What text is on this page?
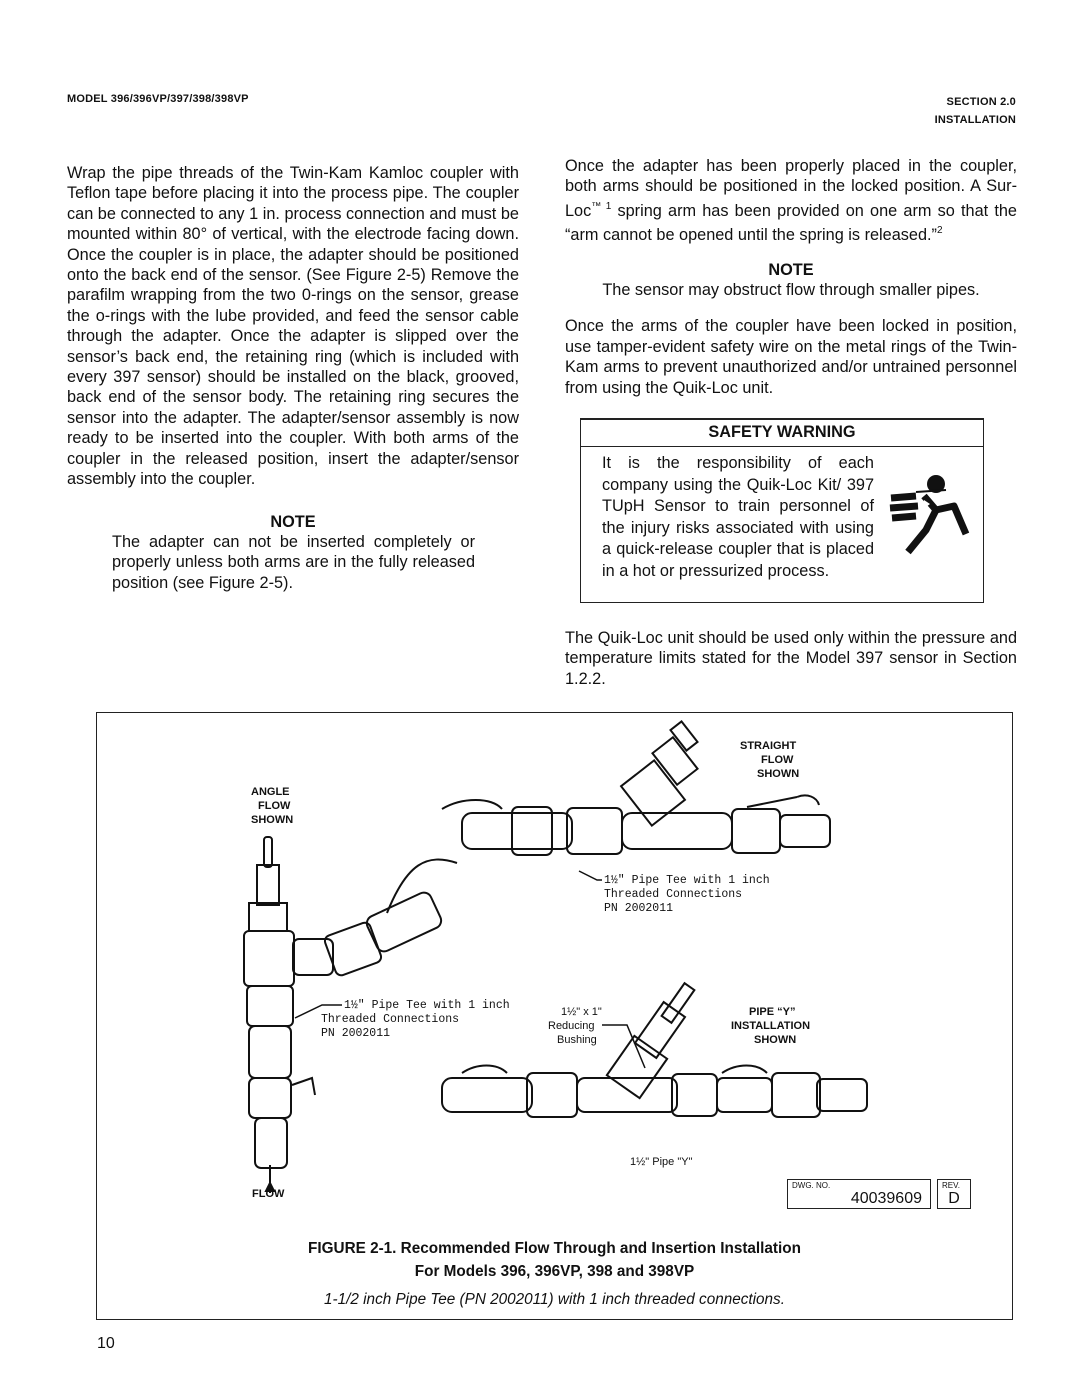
MODEL 396/396VP/397/398/398VP	SECTION 2.0
INSTALLATION

Wrap the pipe threads of the Twin-Kam Kamloc coupler with Teflon tape before placing it into the process pipe. The coupler can be connected to any 1 in. process connection and must be mounted within 80° of vertical, with the electrode facing down. Once the coupler is in place, the adapter should be positioned onto the back end of the sensor. (See Figure 2-5) Remove the parafilm wrapping from the two 0-rings on the sensor, grease the o-rings with the lube provided, and feed the sensor cable through the adapter. Once the adapter is slipped over the sensor’s back end, the retaining ring (which is included with every 397 sensor) should be installed on the black, grooved, back end of the sensor body. The retaining ring secures the sensor into the adapter. The adapter/sensor assembly is now ready to be inserted into the coupler. With both arms of the coupler in the released position, insert the adapter/sensor assembly into the coupler.

NOTE

The adapter can not be inserted completely or properly unless both arms are in the fully released position (see Figure 2-5).

Once the adapter has been properly placed in the coupler, both arms should be positioned in the locked position. A Sur-Loc$^{™ 1}$ spring arm has been provided on one arm so that the “arm cannot be opened until the spring is released.”$^2$

NOTE

The sensor may obstruct flow through smaller pipes.

Once the arms of the coupler have been locked in position, use tamper-evident safety wire on the metal rings of the Twin-Kam arms to prevent unauthorized and/or untrained personnel from using the Quik-Loc unit.

SAFETY WARNING
It is the responsibility of each company using the Quik-Loc Kit/ 397 TUpH Sensor to train personnel of the injury risks associated with using a quick-release coupler that is placed in a hot or pressurized process.

The Quik-Loc unit should be used only within the pressure and temperature limits stated for the Model 397 sensor in Section 1.2.2.

STRAIGHT
FLOW
SHOWN
ANGLE
FLOW
SHOWN
1½" Pipe Tee with 1 inch
Threaded Connections
PN 2002011
1½" Pipe Tee with 1 inch
Threaded Connections
PN 2002011
1½" x 1"
Reducing
Bushing
PIPE “Y”
INSTALLATION
SHOWN
1½" Pipe "Y"
FLOW
DWG. NO.
40039609
REV.
D
FIGURE 2-1. Recommended Flow Through and Insertion Installation
For Models 396, 396VP, 398 and 398VP
1-1/2 inch Pipe Tee (PN 2002011) with 1 inch threaded connections.
10
